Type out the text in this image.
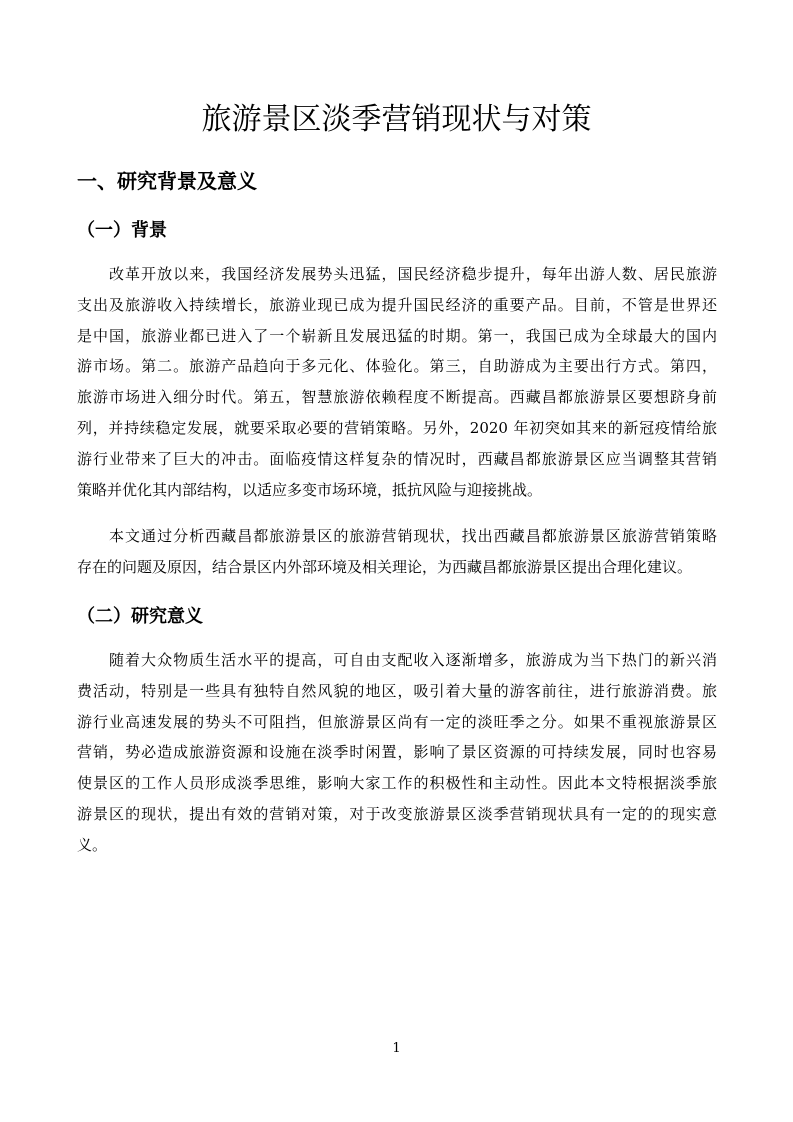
旅游景区淡季营销现状与对策
一、研究背景及意义
（一）背景
改革开放以来，我国经济发展势头迅猛，国民经济稳步提升，每年出游人数、居民旅游
支出及旅游收入持续增长，旅游业现已成为提升国民经济的重要产品。目前，不管是世界还
是中国，旅游业都已进入了一个崭新且发展迅猛的时期。第一，我国已成为全球最大的国内
游市场。第二。旅游产品趋向于多元化、体验化。第三，自助游成为主要出行方式。第四，
旅游市场进入细分时代。第五，智慧旅游依赖程度不断提高。西藏昌都旅游景区要想跻身前
列，并持续稳定发展，就要采取必要的营销策略。另外，2020 年初突如其来的新冠疫情给旅
游行业带来了巨大的冲击。面临疫情这样复杂的情况时，西藏昌都旅游景区应当调整其营销
策略并优化其内部结构，以适应多变市场环境，抵抗风险与迎接挑战。
本文通过分析西藏昌都旅游景区的旅游营销现状，找出西藏昌都旅游景区旅游营销策略
存在的问题及原因，结合景区内外部环境及相关理论，为西藏昌都旅游景区提出合理化建议。
（二）研究意义
随着大众物质生活水平的提高，可自由支配收入逐渐增多，旅游成为当下热门的新兴消
费活动，特别是一些具有独特自然风貌的地区，吸引着大量的游客前往，进行旅游消费。旅
游行业高速发展的势头不可阻挡，但旅游景区尚有一定的淡旺季之分。如果不重视旅游景区
营销，势必造成旅游资源和设施在淡季时闲置，影响了景区资源的可持续发展，同时也容易
使景区的工作人员形成淡季思维，影响大家工作的积极性和主动性。因此本文特根据淡季旅
游景区的现状，提出有效的营销对策，对于改变旅游景区淡季营销现状具有一定的的现实意
义。
1
